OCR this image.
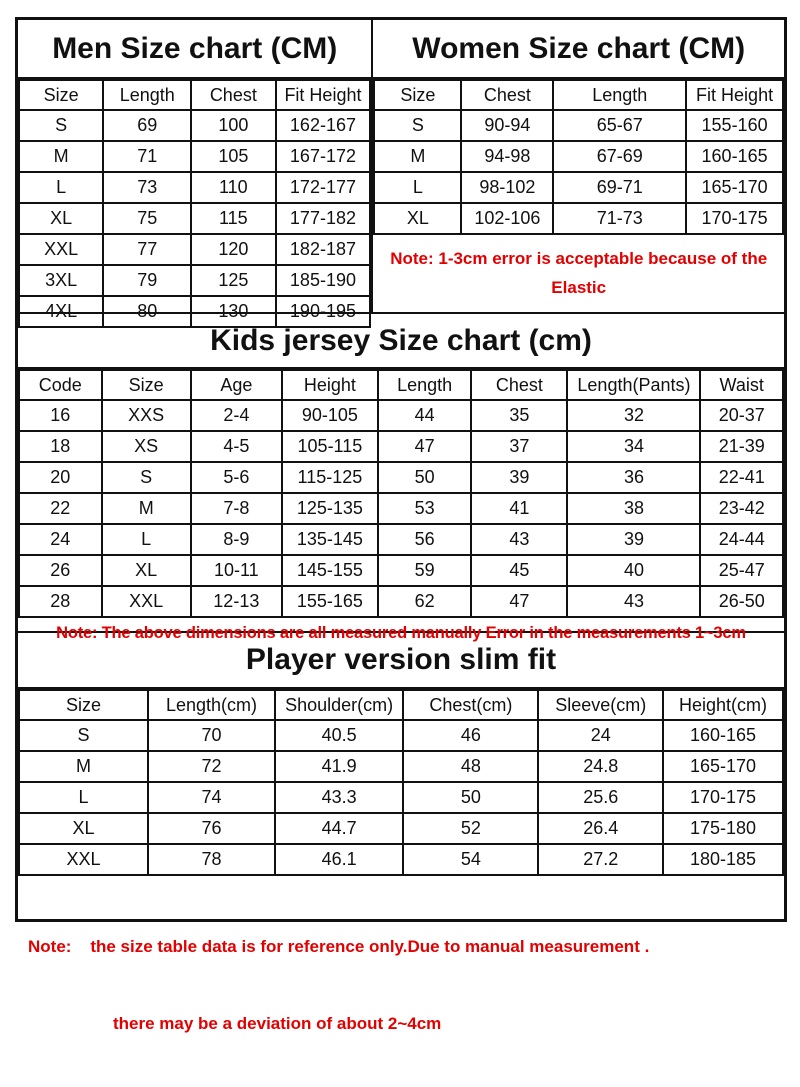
Men Size chart (CM)
Size	Length	Chest	Fit Height
S	69	100	162-167
M	71	105	167-172
L	73	110	172-177
XL	75	115	177-182
XXL	77	120	182-187
3XL	79	125	185-190
4XL	80	130	190-195
Women Size chart (CM)
Size	Chest	Length	Fit Height
S	90-94	65-67	155-160
M	94-98	67-69	160-165
L	98-102	69-71	165-170
XL	102-106	71-73	170-175
Note: 1-3cm error is acceptable because of the
Elastic
Kids jersey Size chart (cm)
Code	Size	Age	Height	Length	Chest	Length(Pants)	Waist
16	XXS	2-4	90-105	44	35	32	20-37
18	XS	4-5	105-115	47	37	34	21-39
20	S	5-6	115-125	50	39	36	22-41
22	M	7-8	125-135	53	41	38	23-42
24	L	8-9	135-145	56	43	39	24-44
26	XL	10-11	145-155	59	45	40	25-47
28	XXL	12-13	155-165	62	47	43	26-50
Note: The above dimensions are all measured manually Error in the measurements 1~3cm
Player version slim fit
Size	Length(cm)	Shoulder(cm)	Chest(cm)	Sleeve(cm)	Height(cm)
S	70	40.5	46	24	160-165
M	72	41.9	48	24.8	165-170
L	74	43.3	50	25.6	170-175
XL	76	44.7	52	26.4	175-180
XXL	78	46.1	54	27.2	180-185

Note:    the size table data is for reference only.Due to manual measurement .

there may be a deviation of about 2~4cm
